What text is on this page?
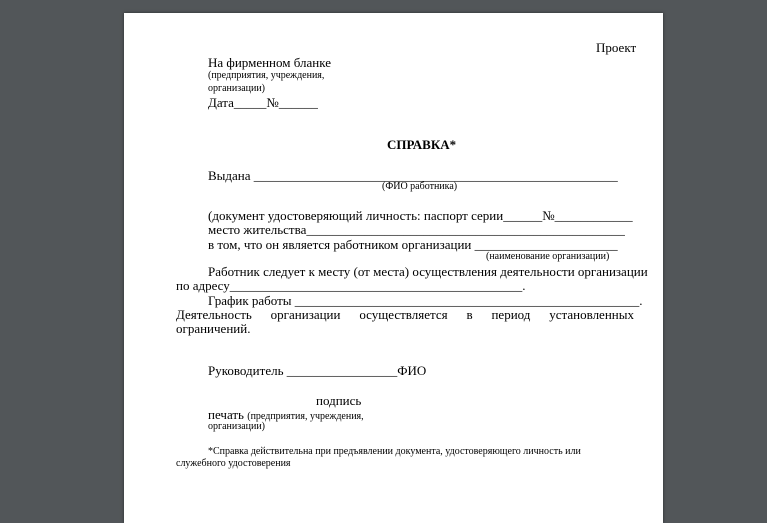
Проект
На фирменном бланке
(предприятия, учреждения,
организации)
Дата_____№______
СПРАВКА*
Выдана ________________________________________________________
(ФИО работника)
(документ удостоверяющий личность: паспорт серии______№____________
место жительства_________________________________________________
в том, что он является работником организации ______________________
(наименование организации)
Работник следует к месту (от места) осуществления деятельности организации
по адресу_____________________________________________.
График работы _____________________________________________________.
Деятельность организации осуществляется в период установленных
ограничений.
Руководитель _________________ФИО
подпись
печать (предприятия, учреждения,
организации)
*Справка действительна при предъявлении документа, удостоверяющего личность или
служебного удостоверения
